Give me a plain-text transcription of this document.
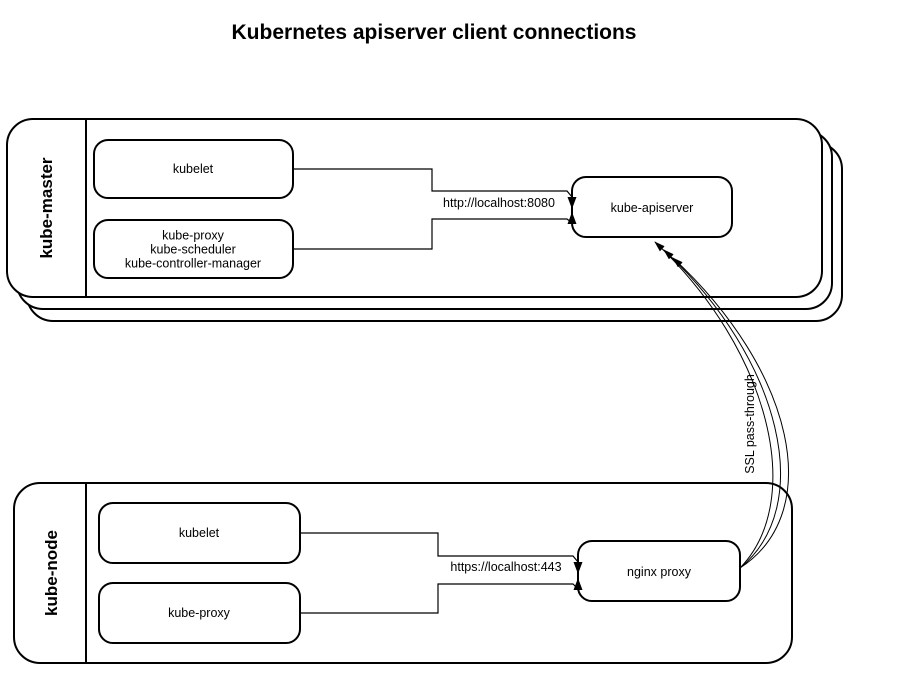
Kubernetes apiserver client connections
kube-master	kubelet
kube-proxy
kube-scheduler
kube-controller-manager
kube-apiserver
http://localhost:8080
kube-node	kubelet
kube-proxy
nginx proxy
https://localhost:443
SSL pass-through
